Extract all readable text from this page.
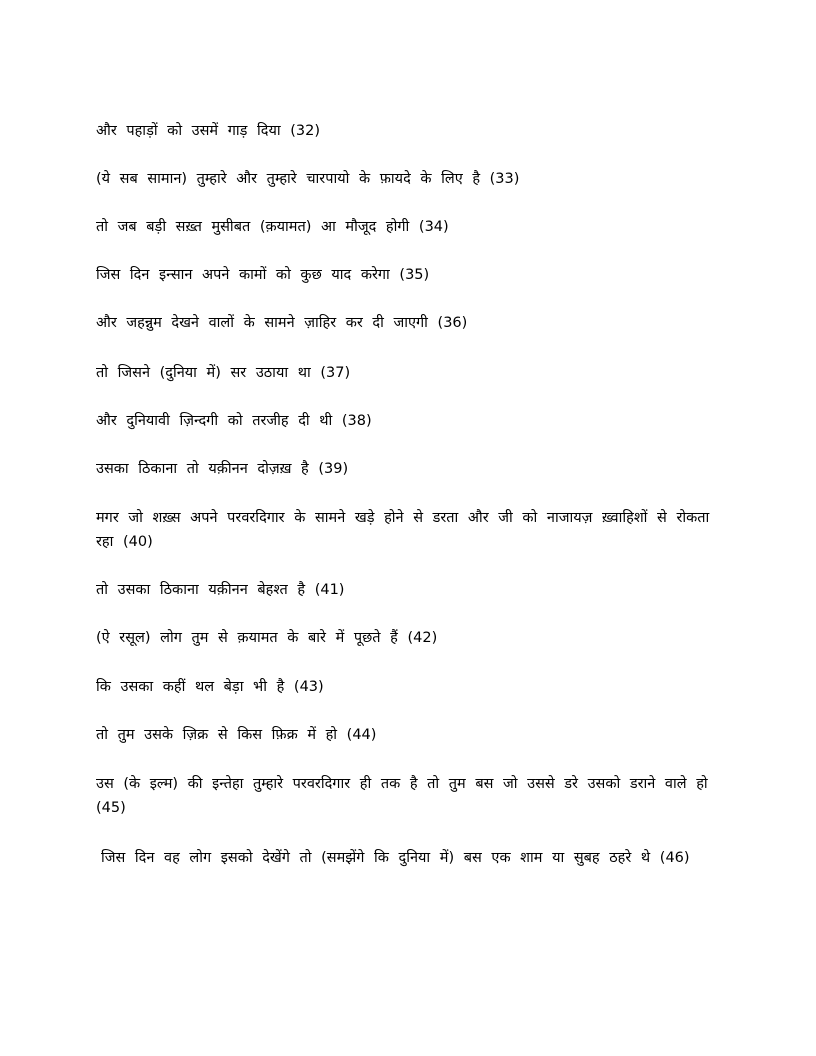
और पहाड़ों को उसमें गाड़ दिया (32)

(ये सब सामान) तुम्हारे और तुम्हारे चारपायो के फ़ायदे के लिए है (33)

तो जब बड़ी सख़्त मुसीबत (क़यामत) आ मौजूद होगी (34)

जिस दिन इन्सान अपने कामों को कुछ याद करेगा (35)

और जहन्नुम देखने वालों के सामने ज़ाहिर कर दी जाएगी (36)

तो जिसने (दुनिया में) सर उठाया था (37)

और दुनियावी ज़िन्दगी को तरजीह दी थी (38)

उसका ठिकाना तो यक़ीनन दोज़ख़ है (39)

मगर जो शख़्स अपने परवरदिगार के सामने खड़े होने से डरता और जी को नाजायज़ ख़्वाहिशों से रोकता रहा (40)

तो उसका ठिकाना यक़ीनन बेहश्त है (41)

(ऐ रसूल) लोग तुम से क़यामत के बारे में पूछते हैं (42)

कि उसका कहीं थल बेड़ा भी है (43)

तो तुम उसके ज़िक्र से किस फ़िक्र में हो (44)

उस (के इल्म) की इन्तेहा तुम्हारे परवरदिगार ही तक है तो तुम बस जो उससे डरे उसको डराने वाले हो (45)

जिस दिन वह लोग इसको देखेंगे तो (समझेंगे कि दुनिया में) बस एक शाम या सुबह ठहरे थे (46)
